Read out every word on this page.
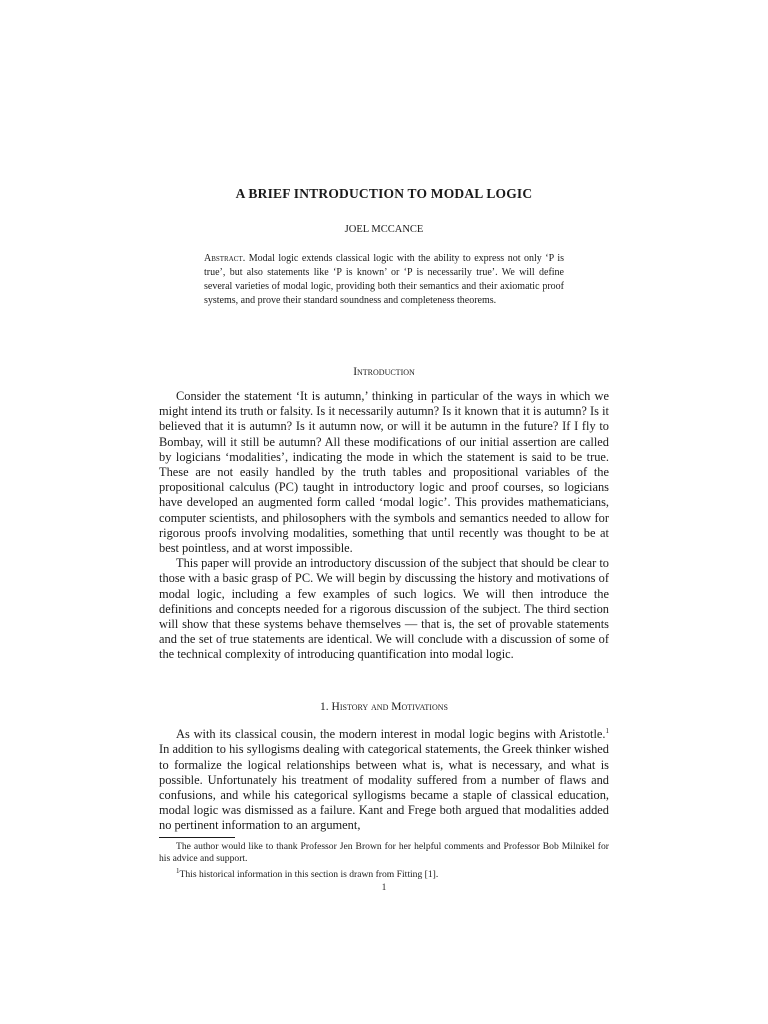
A BRIEF INTRODUCTION TO MODAL LOGIC
JOEL MCCANCE
Abstract. Modal logic extends classical logic with the ability to express not only ‘P is true’, but also statements like ‘P is known’ or ‘P is necessarily true’. We will define several varieties of modal logic, providing both their semantics and their axiomatic proof systems, and prove their standard soundness and completeness theorems.
Introduction

Consider the statement ‘It is autumn,’ thinking in particular of the ways in which we might intend its truth or falsity. Is it necessarily autumn? Is it known that it is autumn? Is it believed that it is autumn? Is it autumn now, or will it be autumn in the future? If I fly to Bombay, will it still be autumn? All these modifications of our initial assertion are called by logicians ‘modalities’, indicating the mode in which the statement is said to be true. These are not easily handled by the truth tables and propositional variables of the propositional calculus (PC) taught in introductory logic and proof courses, so logicians have developed an augmented form called ‘modal logic’. This provides mathematicians, computer scientists, and philosophers with the symbols and semantics needed to allow for rigorous proofs involving modalities, something that until recently was thought to be at best pointless, and at worst impossible.

This paper will provide an introductory discussion of the subject that should be clear to those with a basic grasp of PC. We will begin by discussing the history and motivations of modal logic, including a few examples of such logics. We will then introduce the definitions and concepts needed for a rigorous discussion of the subject. The third section will show that these systems behave themselves — that is, the set of provable statements and the set of true statements are identical. We will conclude with a discussion of some of the technical complexity of introducing quantification into modal logic.

1. History and Motivations

As with its classical cousin, the modern interest in modal logic begins with Aristotle.$^1$ In addition to his syllogisms dealing with categorical statements, the Greek thinker wished to formalize the logical relationships between what is, what is necessary, and what is possible. Unfortunately his treatment of modality suffered from a number of flaws and confusions, and while his categorical syllogisms became a staple of classical education, modal logic was dismissed as a failure. Kant and Frege both argued that modalities added no pertinent information to an argument,

The author would like to thank Professor Jen Brown for her helpful comments and Professor Bob Milnikel for his advice and support.

$^1$This historical information in this section is drawn from Fitting [1].

1
